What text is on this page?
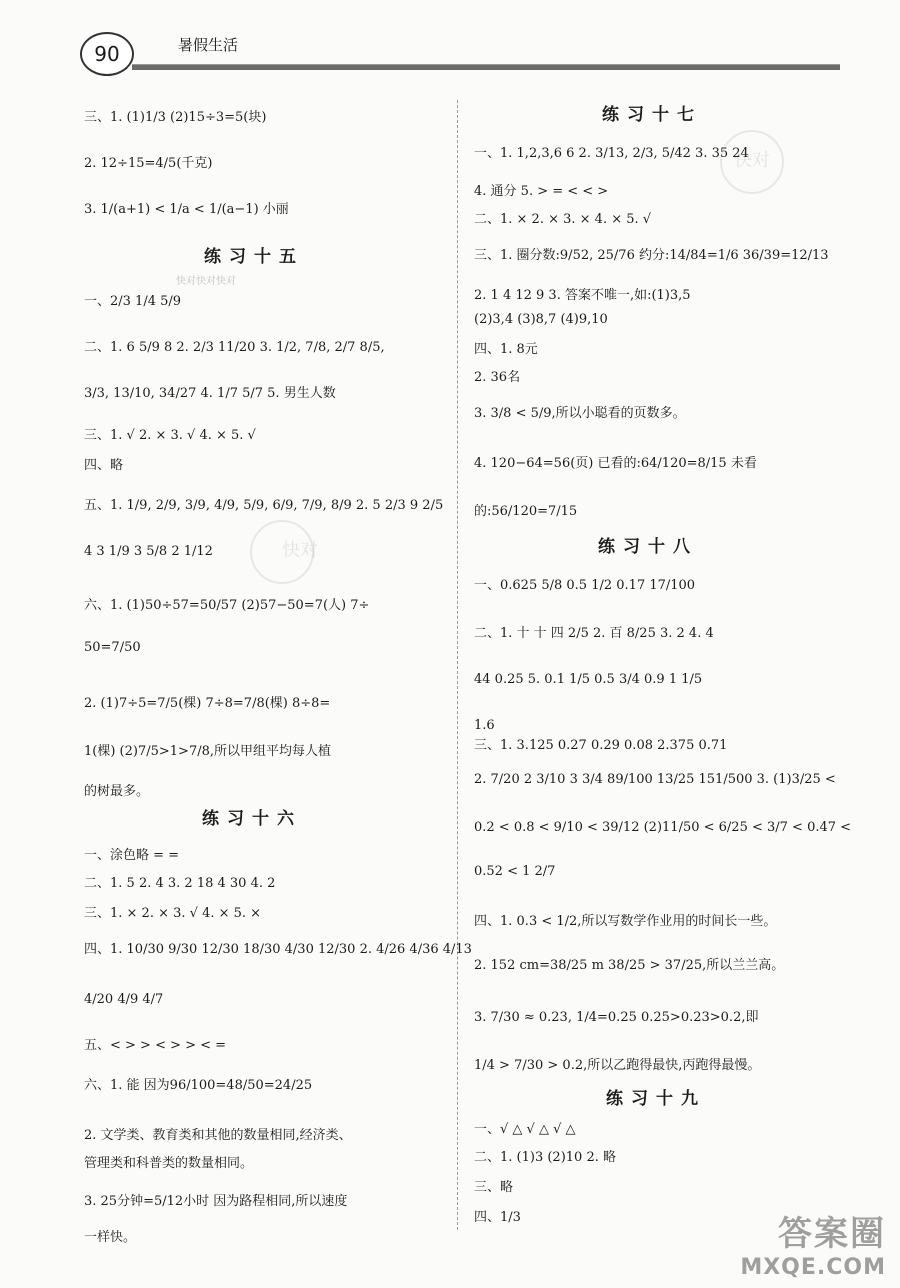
90	暑假生活
三、1. (1)1/3 (2)15÷3=5(块)
2. 12÷15=4/5(千克)
3. 1/(a+1) < 1/a < 1/(a−1) 小丽
一、2/3 1/4 5/9
二、1. 6 5/9 8 2. 2/3 11/20 3. 1/2, 7/8, 2/7 8/5,
3/3, 13/10, 34/27 4. 1/7 5/7 5. 男生人数
三、1. √ 2. × 3. √ 4. × 5. √
四、略
五、1. 1/9, 2/9, 3/9, 4/9, 5/9, 6/9, 7/9, 8/9 2. 5 2/3 9 2/5
4 3 1/9 3 5/8 2 1/12
六、1. (1)50÷57=50/57 (2)57−50=7(人) 7÷
50=7/50
2. (1)7÷5=7/5(棵) 7÷8=7/8(棵) 8÷8=
1(棵) (2)7/5>1>7/8,所以甲组平均每人植
的树最多。
一、涂色略 = =
二、1. 5 2. 4 3. 2 18 4 30 4. 2
三、1. × 2. × 3. √ 4. × 5. ×
四、1. 10/30 9/30 12/30 18/30 4/30 12/30 2. 4/26 4/36 4/13
4/20 4/9 4/7
五、< > > < > > < =
六、1. 能 因为96/100=48/50=24/25
2. 文学类、教育类和其他的数量相同,经济类、
管理类和科普类的数量相同。
3. 25分钟=5/12小时 因为路程相同,所以速度
一样快。
练习十五
练习十六
一、1. 1,2,3,6 6 2. 3/13, 2/3, 5/42 3. 35 24
4. 通分 5. > = < < >
二、1. × 2. × 3. × 4. × 5. √
三、1. 圈分数:9/52, 25/76 约分:14/84=1/6 36/39=12/13
2. 1 4 12 9 3. 答案不唯一,如:(1)3,5
(2)3,4 (3)8,7 (4)9,10
四、1. 8元
2. 36名
3. 3/8 < 5/9,所以小聪看的页数多。
4. 120−64=56(页) 已看的:64/120=8/15 未看
的:56/120=7/15
一、0.625 5/8 0.5 1/2 0.17 17/100
二、1. 十 十 四 2/5 2. 百 8/25 3. 2 4. 4
44 0.25 5. 0.1 1/5 0.5 3/4 0.9 1 1/5
1.6
三、1. 3.125 0.27 0.29 0.08 2.375 0.71
2. 7/20 2 3/10 3 3/4 89/100 13/25 151/500 3. (1)3/25 <
0.2 < 0.8 < 9/10 < 39/12 (2)11/50 < 6/25 < 3/7 < 0.47 <
0.52 < 1 2/7
四、1. 0.3 < 1/2,所以写数学作业用的时间长一些。
2. 152 cm=38/25 m 38/25 > 37/25,所以兰兰高。
3. 7/30 ≈ 0.23, 1/4=0.25 0.25>0.23>0.2,即
1/4 > 7/30 > 0.2,所以乙跑得最快,丙跑得最慢。
一、√ △ √ △ √ △
二、1. (1)3 (2)10 2. 略
三、略
四、1/3
练习十七
练习十八
练习十九
快对快对快对
快对
快对
答案圈
MXQE.COM
